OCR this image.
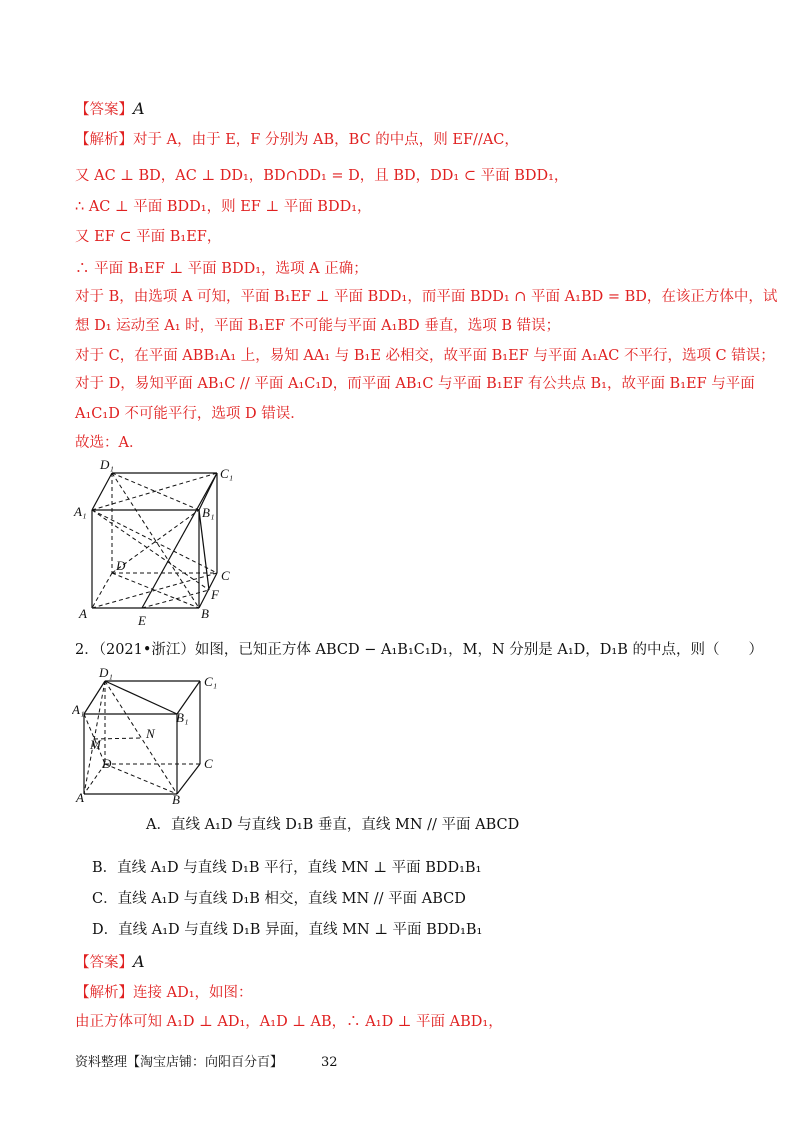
【答案】A
【解析】对于 A，由于 E，F 分别为 AB，BC 的中点，则 EF//AC，
又 AC ⊥ BD，AC ⊥ DD₁，BD∩DD₁ = D，且 BD，DD₁ ⊂ 平面 BDD₁，
∴ AC ⊥ 平面 BDD₁，则 EF ⊥ 平面 BDD₁，
又 EF ⊂ 平面 B₁EF，
∴ 平面 B₁EF ⊥ 平面 BDD₁，选项 A 正确；
对于 B，由选项 A 可知，平面 B₁EF ⊥ 平面 BDD₁，而平面 BDD₁ ∩ 平面 A₁BD = BD，在该正方体中，试
想 D₁ 运动至 A₁ 时，平面 B₁EF 不可能与平面 A₁BD 垂直，选项 B 错误；
对于 C，在平面 ABB₁A₁ 上，易知 AA₁ 与 B₁E 必相交，故平面 B₁EF 与平面 A₁AC 不平行，选项 C 错误；
对于 D，易知平面 AB₁C // 平面 A₁C₁D，而平面 AB₁C 与平面 B₁EF 有公共点 B₁，故平面 B₁EF 与平面
A₁C₁D 不可能平行，选项 D 错误．
故选：A．
D₁
C₁
A₁	B₁
D
C
F
A	B
E
2．（2021•浙江）如图，已知正方体 ABCD − A₁B₁C₁D₁，M，N 分别是 A₁D，D₁B 的中点，则（　　）
D₁
C₁
A₁
B₁
M
N
D	C
A	B
A．直线 A₁D 与直线 D₁B 垂直，直线 MN // 平面 ABCD
B．直线 A₁D 与直线 D₁B 平行，直线 MN ⊥ 平面 BDD₁B₁
C．直线 A₁D 与直线 D₁B 相交，直线 MN // 平面 ABCD
D．直线 A₁D 与直线 D₁B 异面，直线 MN ⊥ 平面 BDD₁B₁
【答案】A
【解析】连接 AD₁，如图：
由正方体可知 A₁D ⊥ AD₁，A₁D ⊥ AB，∴ A₁D ⊥ 平面 ABD₁，
资料整理【淘宝店铺：向阳百分百】	32
